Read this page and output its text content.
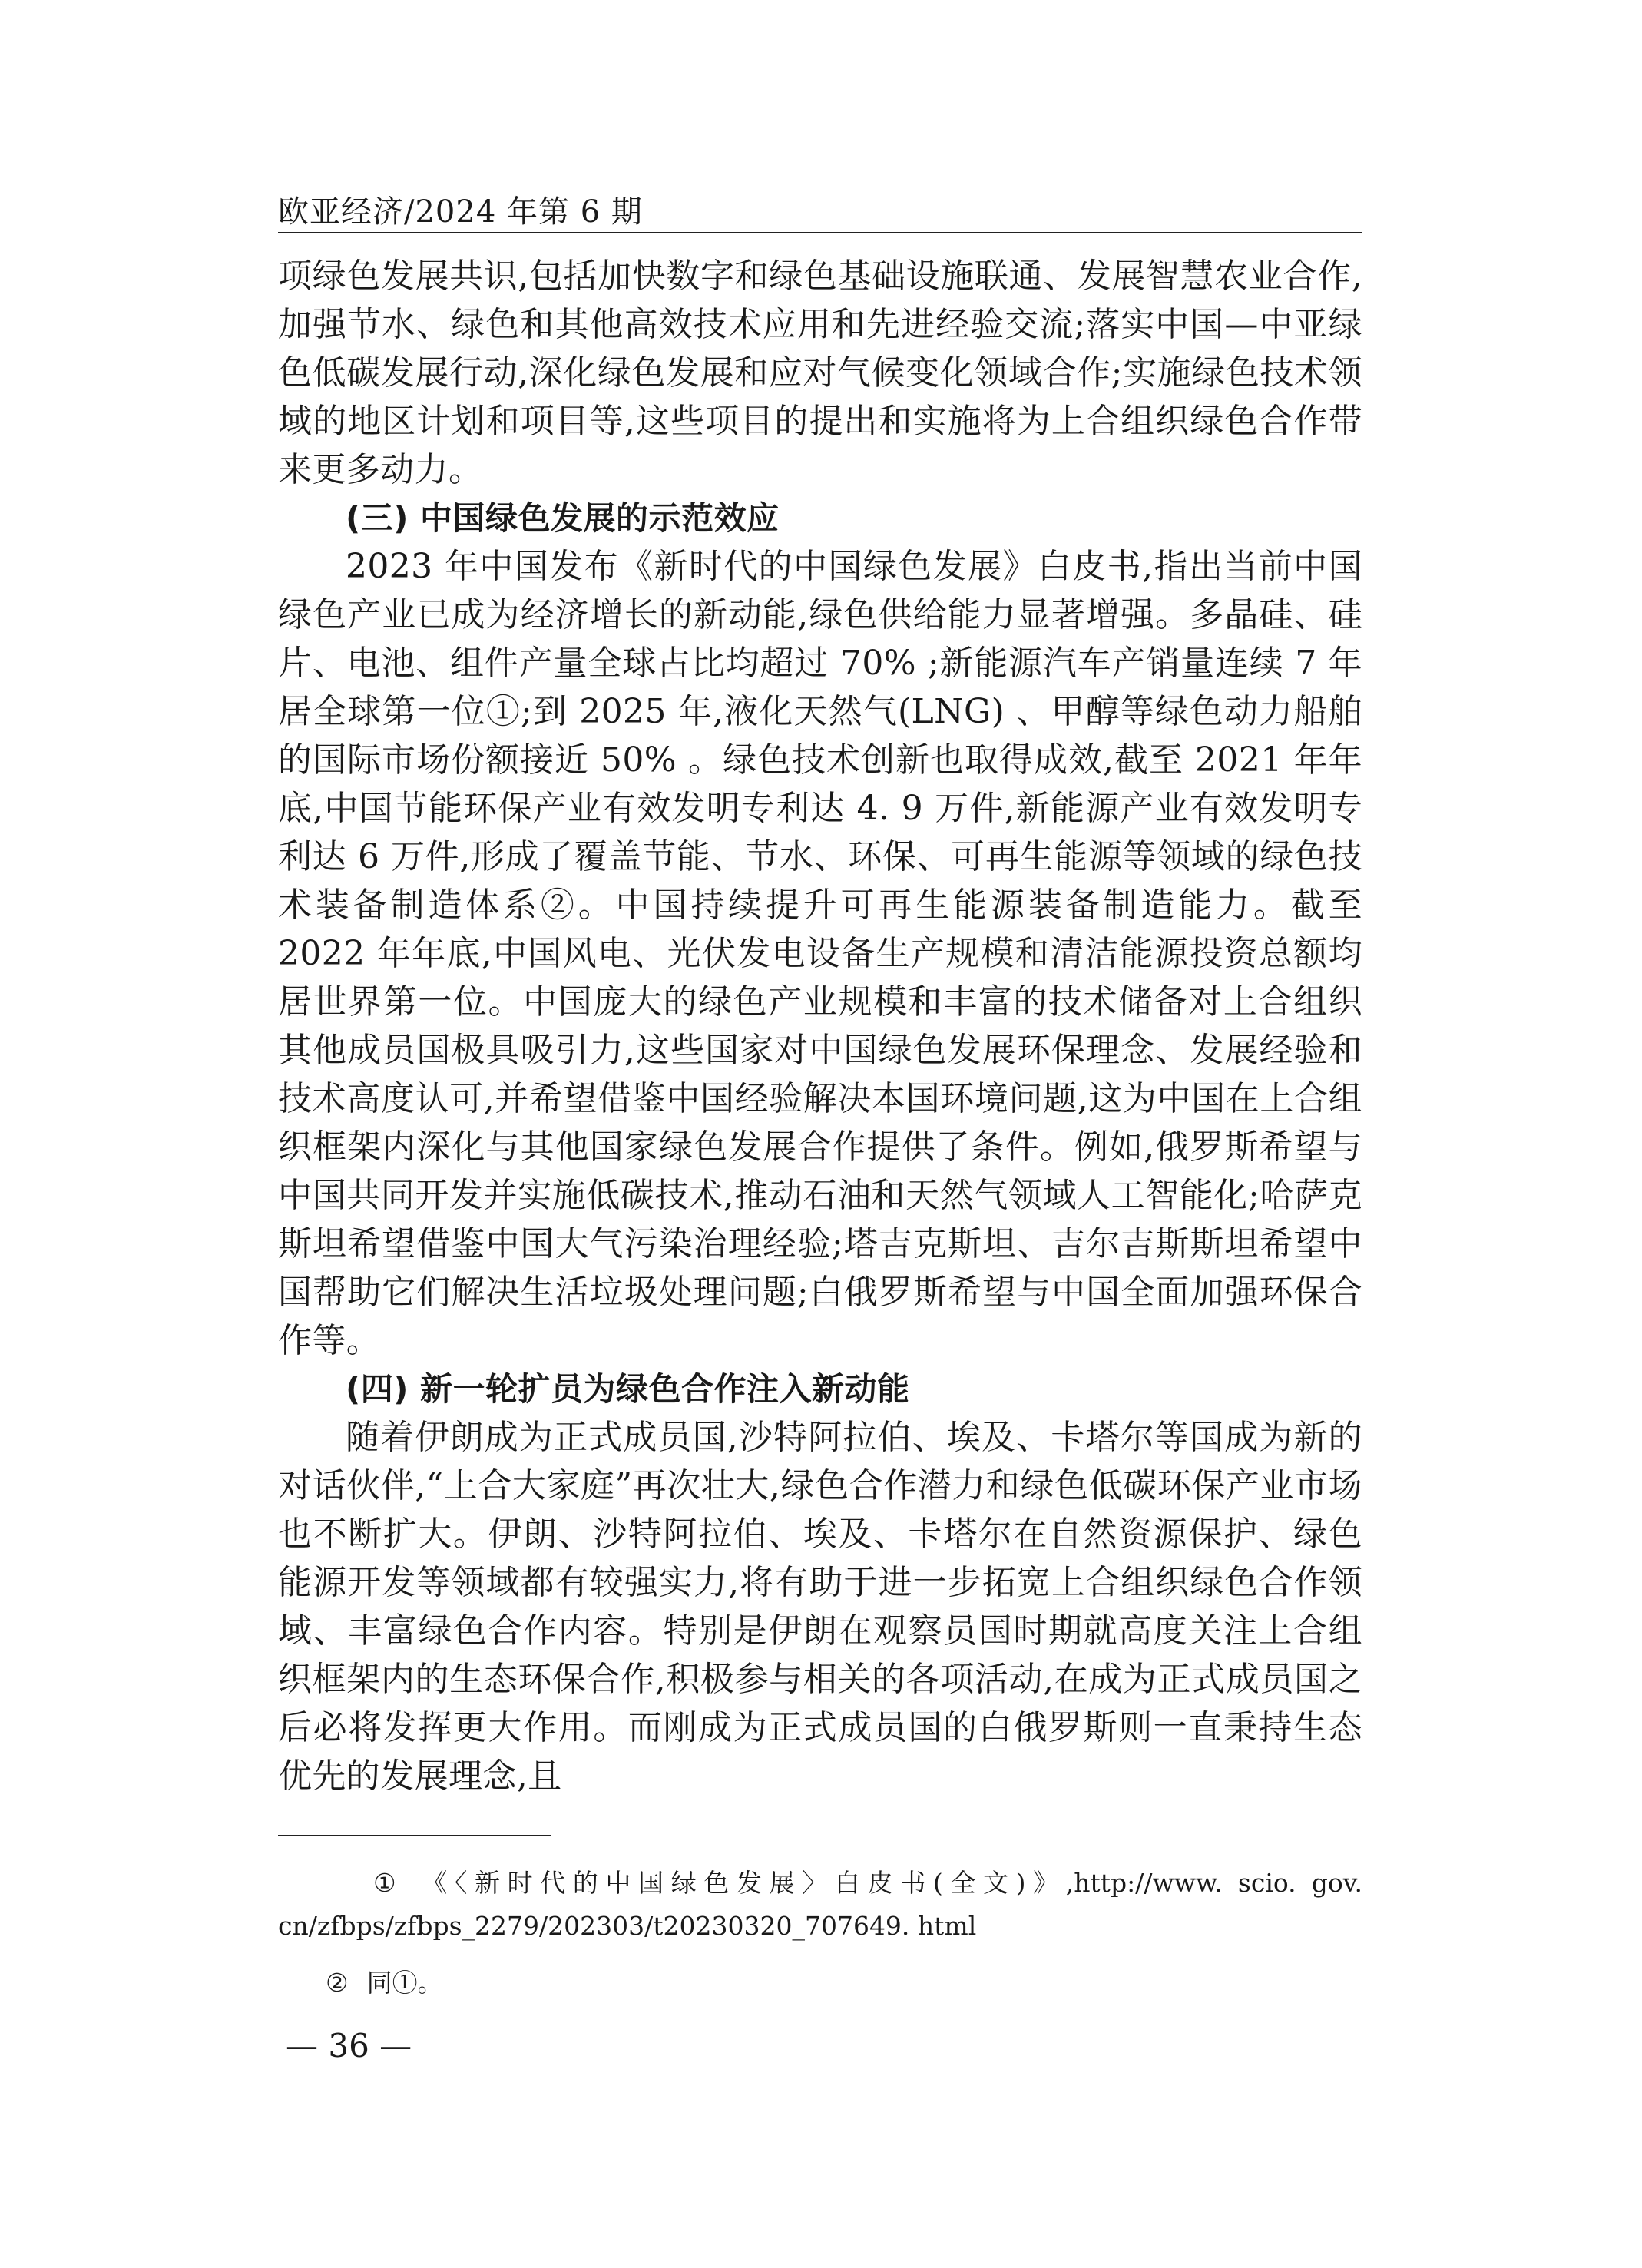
欧亚经济/2024 年第 6 期

项绿色发展共识,包括加快数字和绿色基础设施联通、发展智慧农业合作,加强节水、绿色和其他高效技术应用和先进经验交流;落实中国—中亚绿色低碳发展行动,深化绿色发展和应对气候变化领域合作;实施绿色技术领域的地区计划和项目等,这些项目的提出和实施将为上合组织绿色合作带来更多动力。

(三) 中国绿色发展的示范效应

2023 年中国发布《新时代的中国绿色发展》白皮书,指出当前中国绿色产业已成为经济增长的新动能,绿色供给能力显著增强。多晶硅、硅片、电池、组件产量全球占比均超过 70% ;新能源汽车产销量连续 7 年居全球第一位①;到 2025 年,液化天然气(LNG) 、甲醇等绿色动力船舶的国际市场份额接近 50% 。绿色技术创新也取得成效,截至 2021 年年底,中国节能环保产业有效发明专利达 4. 9 万件,新能源产业有效发明专利达 6 万件,形成了覆盖节能、节水、环保、可再生能源等领域的绿色技术装备制造体系②。中国持续提升可再生能源装备制造能力。截至 2022 年年底,中国风电、光伏发电设备生产规模和清洁能源投资总额均居世界第一位。中国庞大的绿色产业规模和丰富的技术储备对上合组织其他成员国极具吸引力,这些国家对中国绿色发展环保理念、发展经验和技术高度认可,并希望借鉴中国经验解决本国环境问题,这为中国在上合组织框架内深化与其他国家绿色发展合作提供了条件。例如,俄罗斯希望与中国共同开发并实施低碳技术,推动石油和天然气领域人工智能化;哈萨克斯坦希望借鉴中国大气污染治理经验;塔吉克斯坦、吉尔吉斯斯坦希望中国帮助它们解决生活垃圾处理问题;白俄罗斯希望与中国全面加强环保合作等。

(四) 新一轮扩员为绿色合作注入新动能

随着伊朗成为正式成员国,沙特阿拉伯、埃及、卡塔尔等国成为新的对话伙伴,“上合大家庭”再次壮大,绿色合作潜力和绿色低碳环保产业市场也不断扩大。伊朗、沙特阿拉伯、埃及、卡塔尔在自然资源保护、绿色能源开发等领域都有较强实力,将有助于进一步拓宽上合组织绿色合作领域、丰富绿色合作内容。特别是伊朗在观察员国时期就高度关注上合组织框架内的生态环保合作,积极参与相关的各项活动,在成为正式成员国之后必将发挥更大作用。而刚成为正式成员国的白俄罗斯则一直秉持生态优先的发展理念,且

① 《〈新时代的中国绿色发展〉白皮书(全文)》,http://www. scio. gov. cn/zfbps/zfbps_2279/202303/t20230320_707649. html

② 同①。

— 36 —
